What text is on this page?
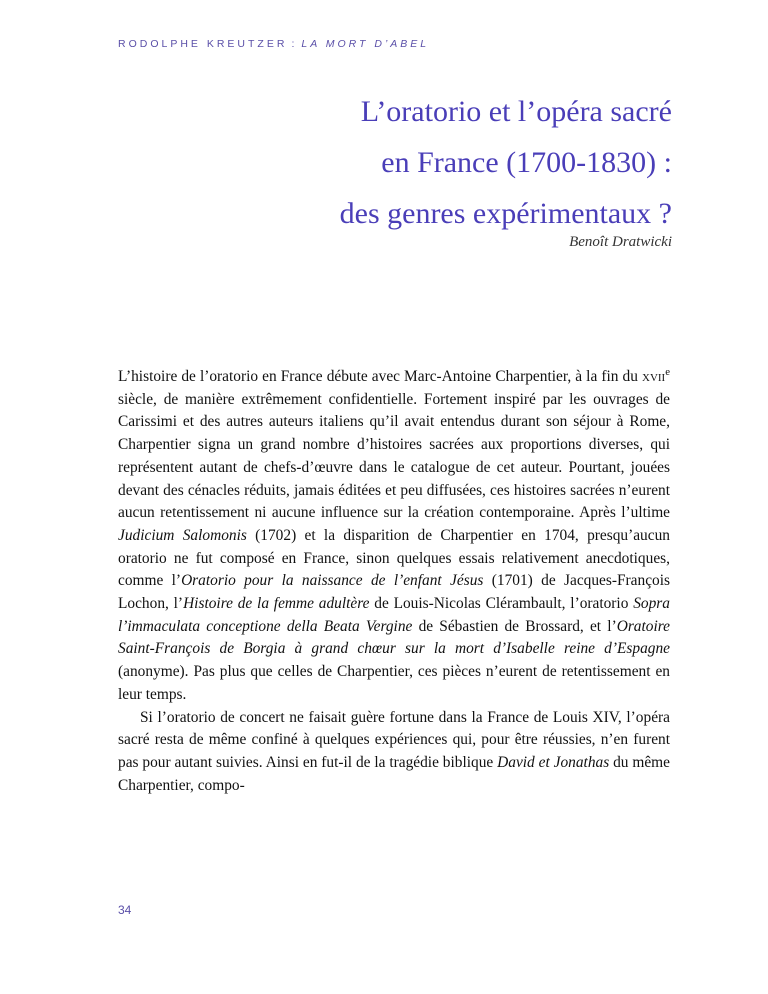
RODOLPHE KREUTZER : LA MORT D’ABEL
L’oratorio et l’opéra sacré
en France (1700-1830) :
des genres expérimentaux ?
Benoît Dratwicki

L’histoire de l’oratorio en France débute avec Marc-Antoine Charpentier, à la fin du xvii$^e$ siècle, de manière extrêmement confidentielle. Fortement inspiré par les ouvrages de Carissimi et des autres auteurs italiens qu’il avait entendus durant son séjour à Rome, Charpentier signa un grand nombre d’histoires sacrées aux proportions diverses, qui représentent autant de chefs-d’œuvre dans le catalogue de cet auteur. Pourtant, jouées devant des cénacles réduits, jamais éditées et peu diffusées, ces histoires sacrées n’eurent aucun retentissement ni aucune influence sur la création contemporaine. Après l’ultime Judicium Salomonis (1702) et la disparition de Charpentier en 1704, presqu’aucun oratorio ne fut composé en France, sinon quelques essais relativement anecdotiques, comme l’Oratorio pour la naissance de l’enfant Jésus (1701) de Jacques-François Lochon, l’Histoire de la femme adultère de Louis-Nicolas Clérambault, l’oratorio Sopra l’immaculata conceptione della Beata Vergine de Sébastien de Brossard, et l’Oratoire Saint-François de Borgia à grand chœur sur la mort d’Isabelle reine d’Espagne (anonyme). Pas plus que celles de Charpentier, ces pièces n’eurent de retentissement en leur temps.

Si l’oratorio de concert ne faisait guère fortune dans la France de Louis XIV, l’opéra sacré resta de même confiné à quelques expériences qui, pour être réussies, n’en furent pas pour autant suivies. Ainsi en fut-il de la tragédie biblique David et Jonathas du même Charpentier, compo-

34
